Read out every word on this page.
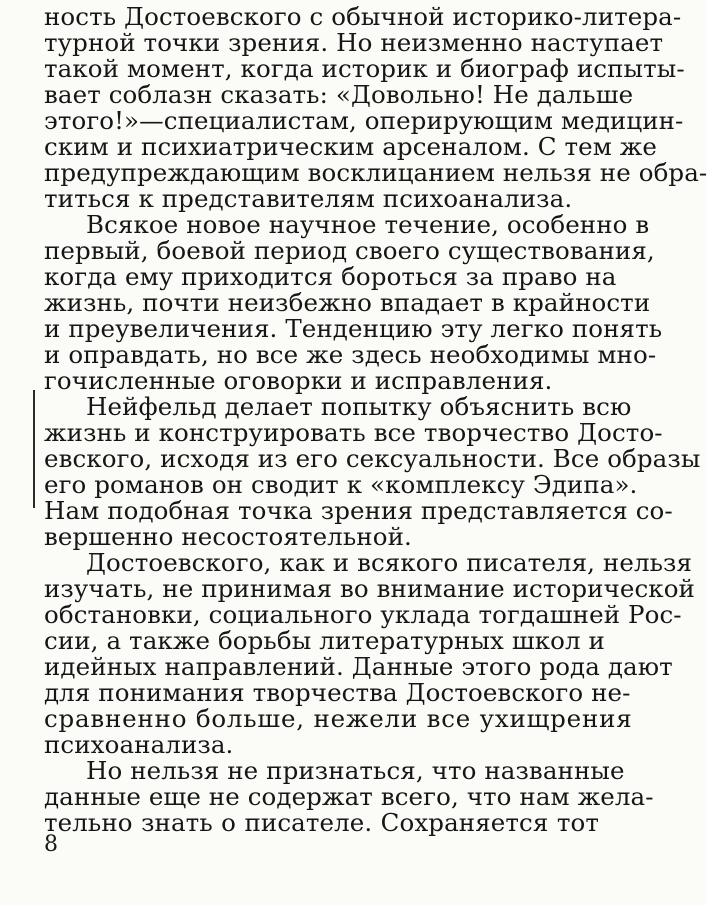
ность Достоевского с обычной историко-литера-
турной точки зрения. Но неизменно наступает
такой момент, когда историк и биограф испыты-
вает соблазн сказать: «Довольно! Не дальше
этого!»—специалистам, оперирующим медицин-
ским и психиатрическим арсеналом. С тем же
предупреждающим восклицанием нельзя не обра-
титься к представителям психоанализа.
Всякое новое научное течение, особенно в
первый, боевой период своего существования,
когда ему приходится бороться за право на
жизнь, почти неизбежно впадает в крайности
и преувеличения. Тенденцию эту легко понять
и оправдать, но все же здесь необходимы мно-
гочисленные оговорки и исправления.
Нейфельд делает попытку объяснить всю
жизнь и конструировать все творчество Досто-
евского, исходя из его сексуальности. Все образы
его романов он сводит к «комплексу Эдипа».
Нам подобная точка зрения представляется со-
вершенно несостоятельной.
Достоевского, как и всякого писателя, нельзя
изучать, не принимая во внимание исторической
обстановки, социального уклада тогдашней Рос-
сии, а также борьбы литературных школ и
идейных направлений. Данные этого рода дают
для понимания творчества Достоевского не-
сравненно больше, нежели все ухищрения
психоанализа.
Но нельзя не признаться, что названные
данные еще не содержат всего, что нам жела-
тельно знать о писателе. Сохраняется тот
8
